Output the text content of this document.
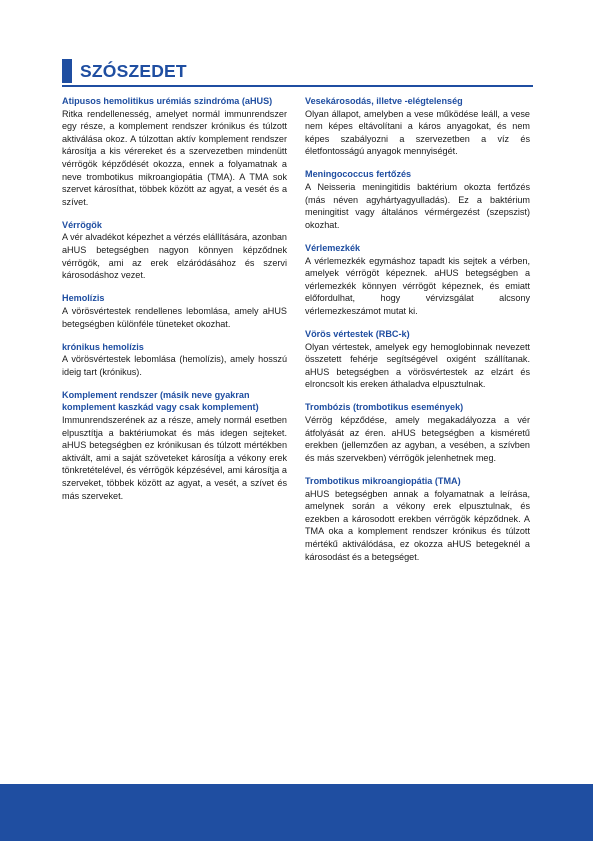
SZÓSZEDET

Atipusos hemolitikus urémiás szindróma (aHUS)

Ritka rendellenesség, amelyet normál immunrendszer egy része, a komplement rendszer krónikus és túlzott aktiválása okoz. A túlzottan aktív komplement rendszer károsítja a kis vérereket és a szervezetben mindenütt vérrögök képződését okozza, ennek a folyamatnak a neve trombotikus mikroangiopátia (TMA). A TMA sok szervet károsíthat, többek között az agyat, a vesét és a szívet.

Vérrögök

A vér alvadékot képezhet a vérzés elállítására, azonban aHUS betegségben nagyon könnyen képződnek vérrögök, ami az erek elzáródásához és szervi károsodáshoz vezet.

Hemolízis

A vörösvértestek rendellenes lebomlása, amely aHUS betegségben különféle tüneteket okozhat.

krónikus hemolízis

A vörösvértestek lebomlása (hemolízis), amely hosszú ideig tart (krónikus).

Komplement rendszer (másik neve gyakran komplement kaszkád vagy csak komplement)

Immunrendszerének az a része, amely normál esetben elpusztítja a baktériumokat és más idegen sejteket. aHUS betegségben ez krónikusan és túlzott mértékben aktivált, ami a saját szöveteket károsítja a vékony erek tönkretételével, és vérrögök képzésével, ami károsítja a szerveket, többek között az agyat, a vesét, a szívet és más szerveket.

Vesekárosodás, illetve -elégtelenség

Olyan állapot, amelyben a vese működése leáll, a vese nem képes eltávolítani a káros anyagokat, és nem képes szabályozni a szervezetben a víz és életfontosságú anyagok mennyiségét.

Meningococcus fertőzés

A Neisseria meningitidis baktérium okozta fertőzés (más néven agyhártyagyulladás). Ez a baktérium meningitist vagy általános vérmérgezést (szepszist) okozhat.

Vérlemezkék

A vérlemezkék egymáshoz tapadt kis sejtek a vérben, amelyek vérrögöt képeznek. aHUS betegségben a vérlemezkék könnyen vérrögöt képeznek, és emiatt előfordulhat, hogy vérvizsgálat alcsony vérlemezkeszámot mutat ki.

Vörös vértestek (RBC-k)

Olyan vértestek, amelyek egy hemoglobinnak nevezett összetett fehérje segítségével oxigént szállítanak. aHUS betegségben a vörösvértestek az elzárt és elroncsolt kis ereken áthaladva elpusztulnak.

Trombózis (trombotikus események)

Vérrög képződése, amely megakadályozza a vér átfolyását az éren. aHUS betegségben a kisméretű erekben (jellemzően az agyban, a vesében, a szívben és más szervekben) vérrögök jelenhetnek meg.

Trombotikus mikroangiopátia (TMA)

aHUS betegségben annak a folyamatnak a leírása, amelynek során a vékony erek elpusztulnak, és ezekben a károsodott erekben vérrögök képződnek. A TMA oka a komplement rendszer krónikus és túlzott mértékű aktiválódása, ez okozza aHUS betegeknél a károsodást és a betegséget.
